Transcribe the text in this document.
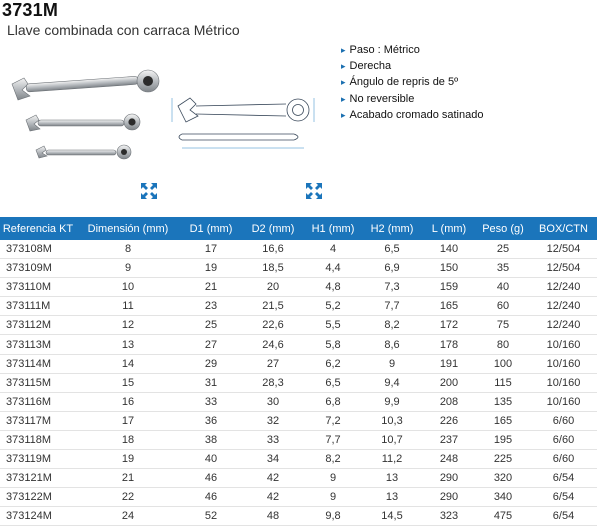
3731M
Llave combinada con carraca Métrico
▸ Paso : Métrico
▸ Derecha
▸ Ángulo de repris de 5º
▸ No reversible
▸ Acabado cromado satinado
Referencia KT	Dimensión (mm)	D1 (mm)	D2 (mm)	H1 (mm)	H2 (mm)	L (mm)	Peso (g)	BOX/CTN
373108M	8	17	16,6	4	6,5	140	25	12/504
373109M	9	19	18,5	4,4	6,9	150	35	12/504
373110M	10	21	20	4,8	7,3	159	40	12/240
373111M	11	23	21,5	5,2	7,7	165	60	12/240
373112M	12	25	22,6	5,5	8,2	172	75	12/240
373113M	13	27	24,6	5,8	8,6	178	80	10/160
373114M	14	29	27	6,2	9	191	100	10/160
373115M	15	31	28,3	6,5	9,4	200	115	10/160
373116M	16	33	30	6,8	9,9	208	135	10/160
373117M	17	36	32	7,2	10,3	226	165	6/60
373118M	18	38	33	7,7	10,7	237	195	6/60
373119M	19	40	34	8,2	11,2	248	225	6/60
373121M	21	46	42	9	13	290	320	6/54
373122M	22	46	42	9	13	290	340	6/54
373124M	24	52	48	9,8	14,5	323	475	6/54
